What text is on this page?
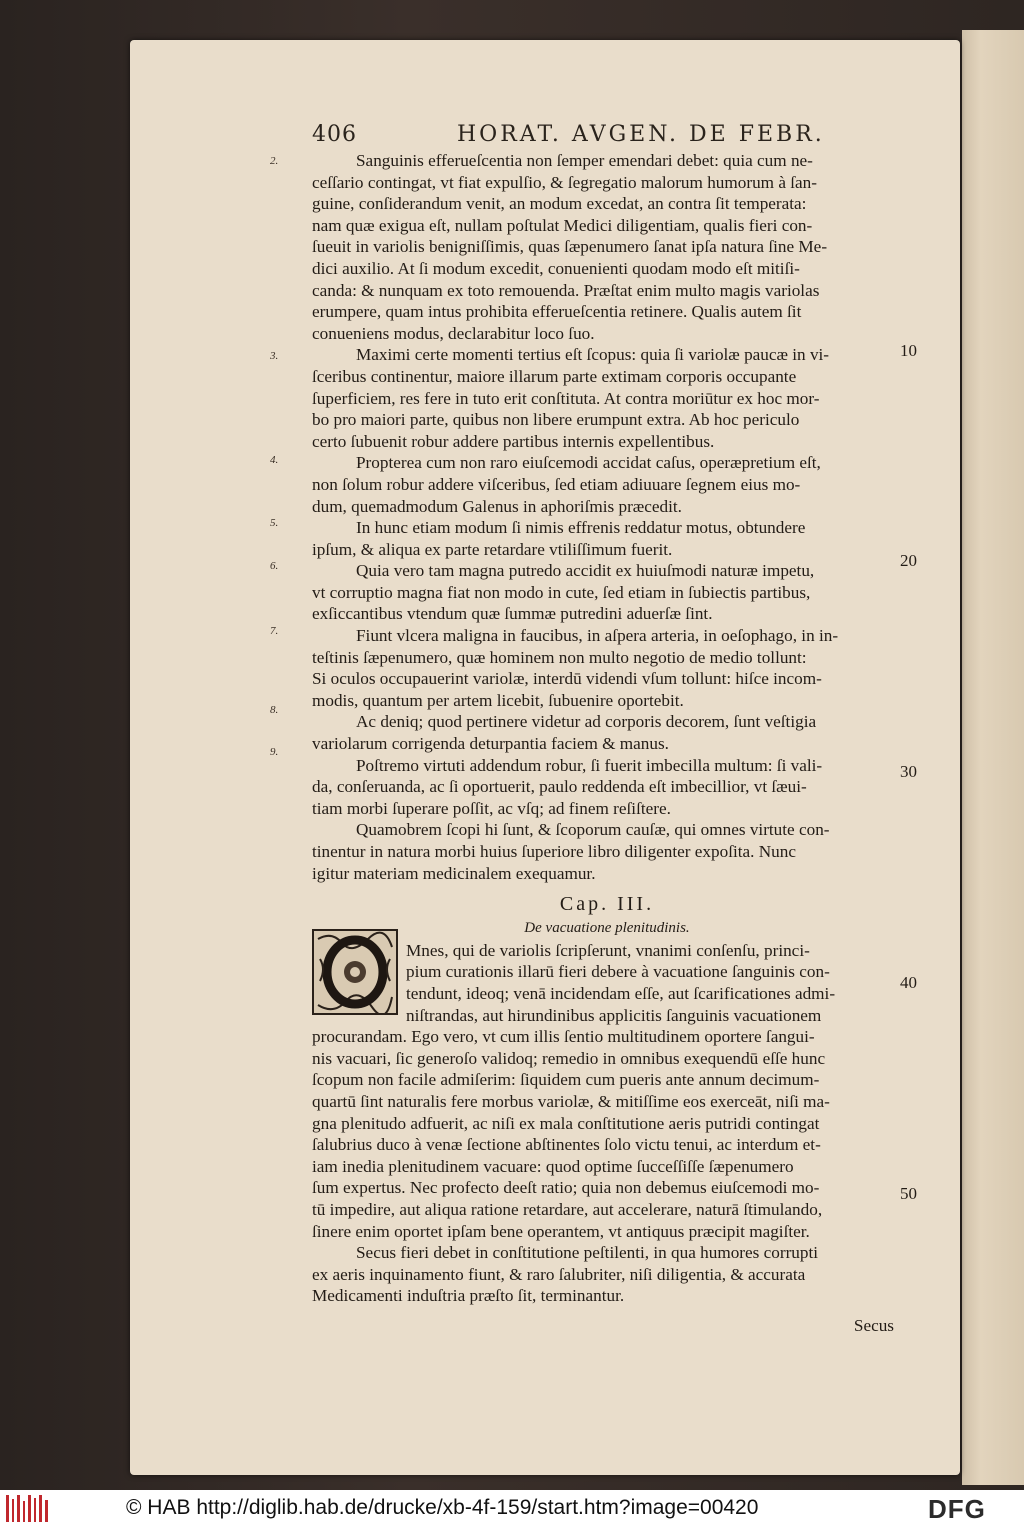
406	HORAT. AVGEN. DE FEBR.
2.
3.
4.
5.
6.
7.
8.
9.
10
20
30
40
50
Sanguinis efferueſcentia non ſemper emendari debet: quia cum ne-
ceſſario contingat, vt fiat expulſio, & ſegregatio malorum humorum à ſan-
guine, conſiderandum venit, an modum excedat, an contra ſit temperata:
nam quæ exigua eſt, nullam poſtulat Medici diligentiam, qualis fieri con-
ſueuit in variolis benigniſſimis, quas ſæpenumero ſanat ipſa natura ſine Me-
dici auxilio. At ſi modum excedit, conuenienti quodam modo eſt mitiſi-
canda: & nunquam ex toto remouenda. Præſtat enim multo magis variolas
erumpere, quam intus prohibita efferueſcentia retinere. Qualis autem ſit
conueniens modus, declarabitur loco ſuo.
Maximi certe momenti tertius eſt ſcopus: quia ſi variolæ paucæ in vi-
ſceribus continentur, maiore illarum parte extimam corporis occupante
ſuperficiem, res fere in tuto erit conſtituta. At contra moriūtur ex hoc mor-
bo pro maiori parte, quibus non libere erumpunt extra. Ab hoc periculo
certo ſubuenit robur addere partibus internis expellentibus.
Propterea cum non raro eiuſcemodi accidat caſus, operæpretium eſt,
non ſolum robur addere viſceribus, ſed etiam adiuuare ſegnem eius mo-
dum, quemadmodum Galenus in aphoriſmis præcedit.
In hunc etiam modum ſi nimis effrenis reddatur motus, obtundere
ipſum, & aliqua ex parte retardare vtiliſſimum fuerit.
Quia vero tam magna putredo accidit ex huiuſmodi naturæ impetu,
vt corruptio magna fiat non modo in cute, ſed etiam in ſubiectis partibus,
exſiccantibus vtendum quæ ſummæ putredini aduerſæ ſint.
Fiunt vlcera maligna in faucibus, in aſpera arteria, in oeſophago, in in-
teſtinis ſæpenumero, quæ hominem non multo negotio de medio tollunt:
Si oculos occupauerint variolæ, interdū videndi vſum tollunt: hiſce incom-
modis, quantum per artem licebit, ſubuenire oportebit.
Ac deniq; quod pertinere videtur ad corporis decorem, ſunt veſtigia
variolarum corrigenda deturpantia faciem & manus.
Poſtremo virtuti addendum robur, ſi fuerit imbecilla multum: ſi vali-
da, conſeruanda, ac ſi oportuerit, paulo reddenda eſt imbecillior, vt ſæui-
tiam morbi ſuperare poſſit, ac vſq; ad finem reſiſtere.
Quamobrem ſcopi hi ſunt, & ſcoporum cauſæ, qui omnes virtute con-
tinentur in natura morbi huius ſuperiore libro diligenter expoſita. Nunc
igitur materiam medicinalem exequamur.
Cap. III.
De vacuatione plenitudinis.
Mnes, qui de variolis ſcripſerunt, vnanimi conſenſu, princi-
pium curationis illarū fieri debere à vacuatione ſanguinis con-
tendunt, ideoq; venā incidendam eſſe, aut ſcarificationes admi-
niſtrandas, aut hirundinibus applicitis ſanguinis vacuationem
procurandam. Ego vero, vt cum illis ſentio multitudinem oportere ſangui-
nis vacuari, ſic generoſo validoq; remedio in omnibus exequendū eſſe hunc
ſcopum non facile admiſerim: ſiquidem cum pueris ante annum decimum-
quartū ſint naturalis fere morbus variolæ, & mitiſſime eos exerceāt, niſi ma-
gna plenitudo adfuerit, ac niſi ex mala conſtitutione aeris putridi contingat
ſalubrius duco à venæ ſectione abſtinentes ſolo victu tenui, ac interdum et-
iam inedia plenitudinem vacuare: quod optime ſucceſſiſſe ſæpenumero
ſum expertus. Nec profecto deeſt ratio; quia non debemus eiuſcemodi mo-
tū impedire, aut aliqua ratione retardare, aut accelerare, naturā ſtimulando,
ſinere enim oportet ipſam bene operantem, vt antiquus præcipit magiſter.
Secus fieri debet in conſtitutione peſtilenti, in qua humores corrupti
ex aeris inquinamento fiunt, & raro ſalubriter, niſi diligentia, & accurata
Medicamenti induſtria præſto ſit, terminantur.
Secus
© HAB http://diglib.hab.de/drucke/xb-4f-159/start.htm?image=00420	DFG
